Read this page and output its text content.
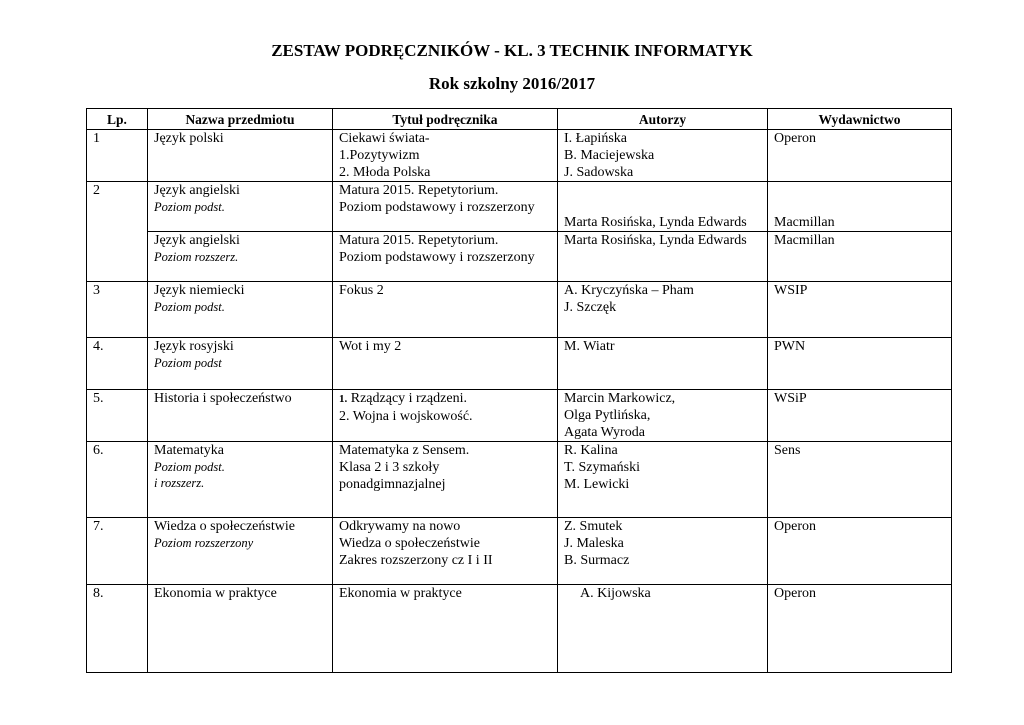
ZESTAW PODRĘCZNIKÓW - KL. 3 TECHNIK INFORMATYK
Rok szkolny 2016/2017
Lp.	Nazwa przedmiotu	Tytuł podręcznika	Autorzy	Wydawnictwo
1	Język polski	Ciekawi świata-
1.Pozytywizm
2. Młoda Polska	I. Łapińska
B. Maciejewska
J. Sadowska	Operon
2	Język angielski
Poziom podst.	Matura 2015. Repetytorium.
Poziom podstawowy i rozszerzony	Marta Rosińska, Lynda Edwards	Macmillan

	Język angielski
Poziom rozszerz.	Matura 2015. Repetytorium.
Poziom podstawowy i rozszerzony	Marta Rosińska, Lynda Edwards	Macmillan
3	Język niemiecki
Poziom podst.	Fokus 2	A. Kryczyńska – Pham
J. Szczęk	WSIP
4.	Język rosyjski
Poziom podst	Wot i my 2	M. Wiatr	PWN
5.	Historia i społeczeństwo	1. Rządzący i rządzeni.
2. Wojna i wojskowość.	Marcin Markowicz,
Olga Pytlińska,
Agata Wyroda	WSiP
6.	Matematyka
Poziom podst.
i rozszerz.	Matematyka z Sensem.
Klasa 2 i 3 szkoły
ponadgimnazjalnej	R. Kalina
T. Szymański
M. Lewicki	Sens
7.	Wiedza o społeczeństwie
Poziom rozszerzony	Odkrywamy na nowo
Wiedza o społeczeństwie
Zakres rozszerzony cz I i II	Z. Smutek
J. Maleska
B. Surmacz	Operon
8.	Ekonomia w praktyce	Ekonomia w praktyce	A. Kijowska	Operon
